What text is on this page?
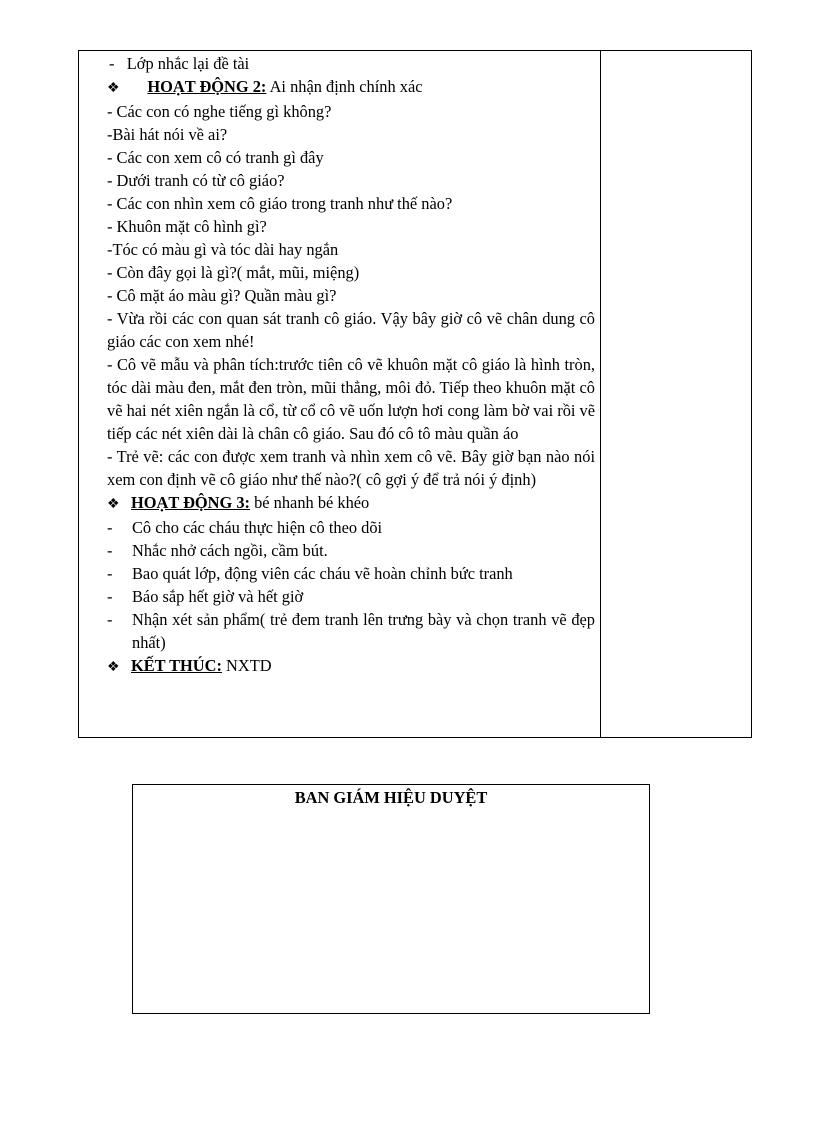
- Lớp nhắc lại đề tài
❖ HOẠT ĐỘNG 2: Ai nhận định chính xác
- Các con có nghe tiếng gì không?
-Bài hát nói về ai?
- Các con xem cô có tranh gì đây
- Dưới tranh có từ cô giáo?
- Các con nhìn xem cô giáo trong tranh như thế nào?
- Khuôn mặt cô hình gì?
-Tóc có màu gì và tóc dài hay ngắn
- Còn đây gọi là gì?( mắt, mũi, miệng)
- Cô mặt áo màu gì? Quần màu gì?
- Vừa rồi các con quan sát tranh cô giáo. Vậy bây giờ cô vẽ chân dung cô giáo các con xem nhé!
- Cô vẽ mẫu và phân tích:trước tiên cô vẽ khuôn mặt cô giáo là hình tròn, tóc dài màu đen, mắt đen tròn, mũi thẳng, môi đỏ. Tiếp theo khuôn mặt cô vẽ hai nét xiên ngắn là cổ, từ cổ cô vẽ uốn lượn hơi cong làm bờ vai rồi vẽ tiếp các nét xiên dài là chân cô giáo. Sau đó cô tô màu quần áo
- Trẻ vẽ: các con được xem tranh và nhìn xem cô vẽ. Bây giờ bạn nào nói xem con định vẽ cô giáo như thế nào?( cô gợi ý để trả nói ý định)
❖ HOẠT ĐỘNG 3: bé nhanh bé khéo
-	Cô cho các cháu thực hiện cô theo dõi
-	Nhắc nhở cách ngồi, cầm bút.
-	Bao quát lớp, động viên các cháu vẽ hoàn chỉnh bức tranh
-	Báo sắp hết giờ và hết giờ
-	Nhận xét sản phẩm( trẻ đem tranh lên trưng bày và chọn tranh vẽ đẹp nhất)
❖ KẾT THÚC: NXTD
BAN GIÁM HIỆU DUYỆT
